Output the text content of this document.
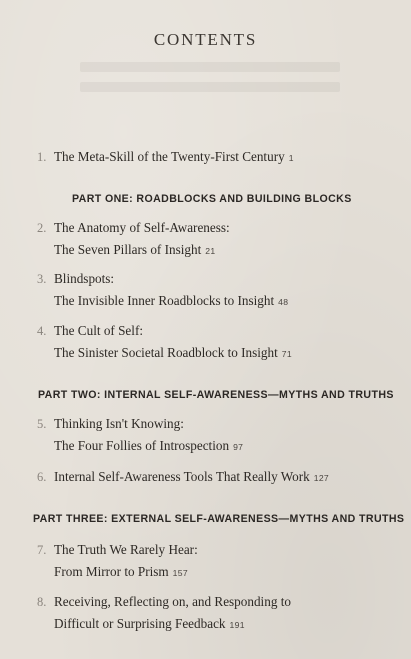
CONTENTS
1. The Meta-Skill of the Twenty-First Century 1
PART ONE: ROADBLOCKS AND BUILDING BLOCKS
2. The Anatomy of Self-Awareness:
The Seven Pillars of Insight 21
3. Blindspots:
The Invisible Inner Roadblocks to Insight 48
4. The Cult of Self:
The Sinister Societal Roadblock to Insight 71
PART TWO: INTERNAL SELF-AWARENESS—MYTHS AND TRUTHS
5. Thinking Isn't Knowing:
The Four Follies of Introspection 97
6. Internal Self-Awareness Tools That Really Work 127
PART THREE: EXTERNAL SELF-AWARENESS—MYTHS AND TRUTHS
7. The Truth We Rarely Hear:
From Mirror to Prism 157
8. Receiving, Reflecting on, and Responding to
Difficult or Surprising Feedback 191
